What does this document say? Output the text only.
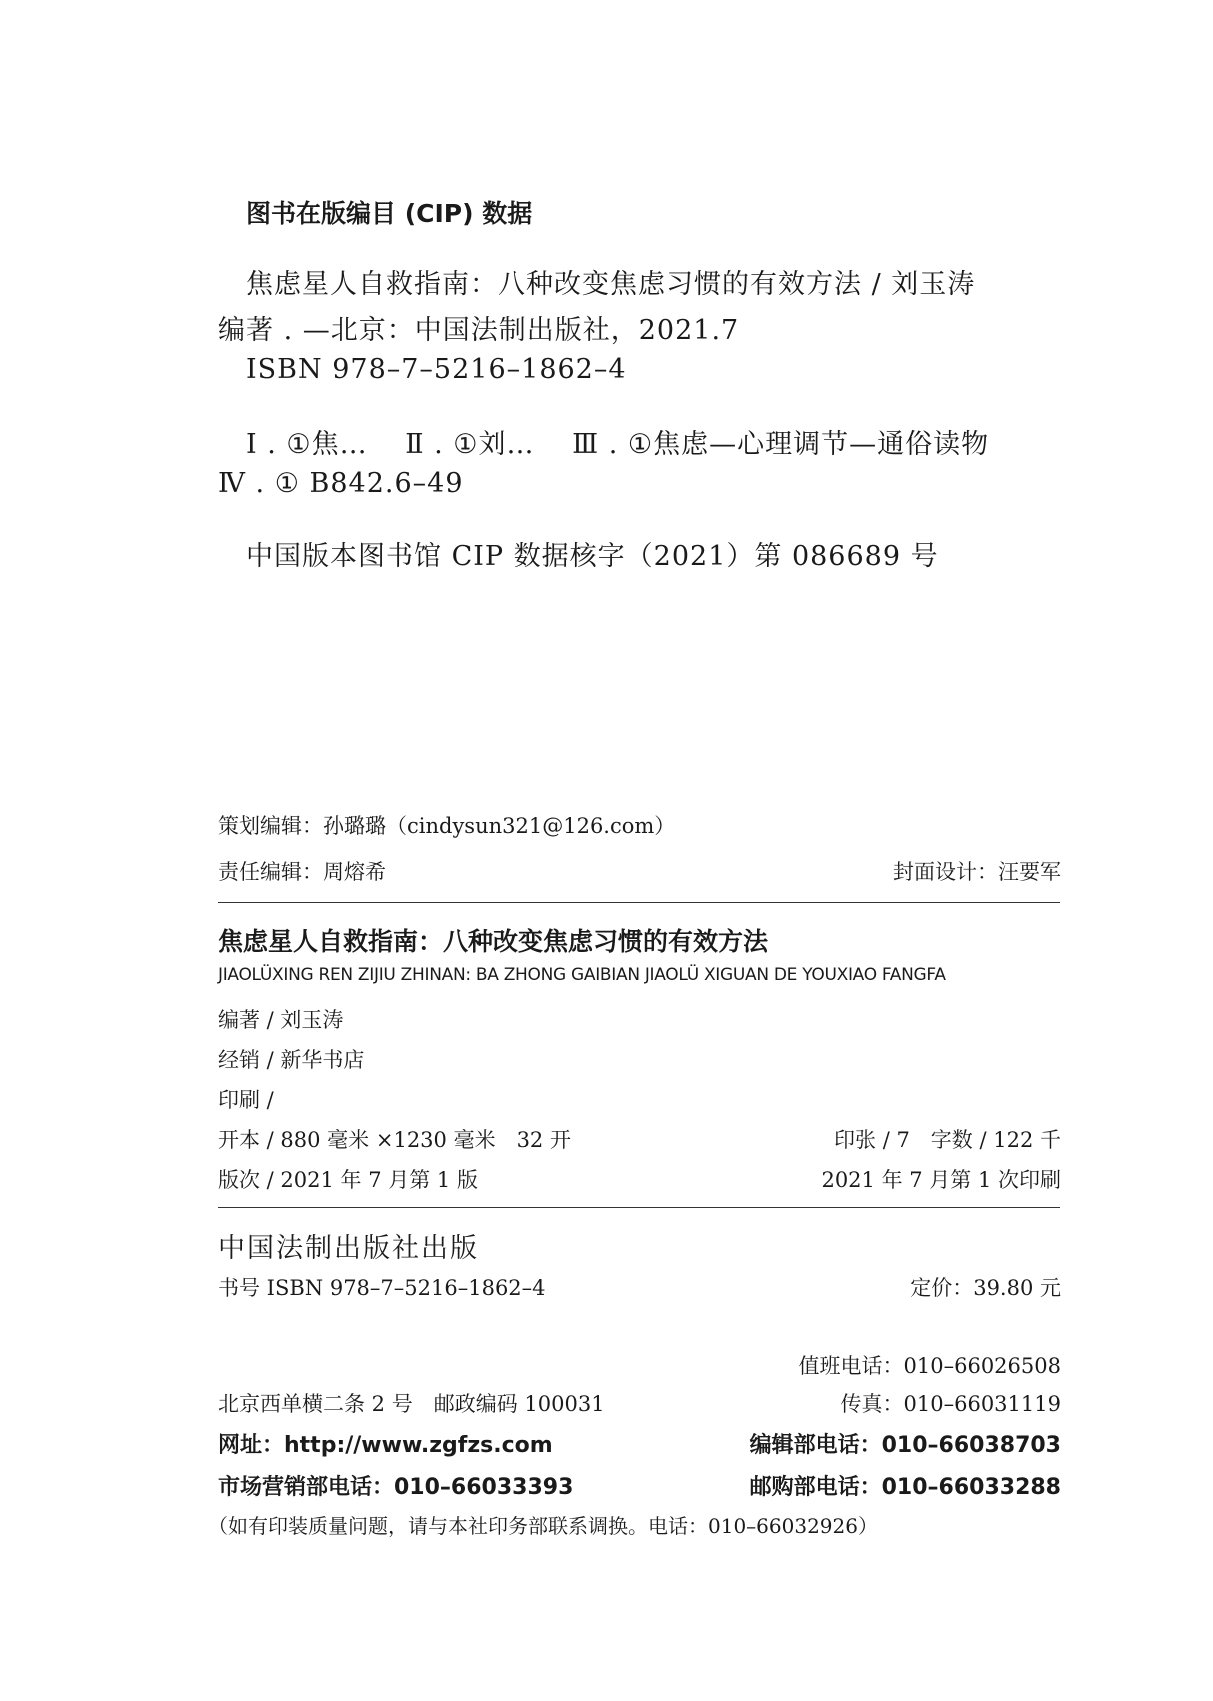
图书在版编目 (CIP) 数据
焦虑星人自救指南：八种改变焦虑习惯的有效方法 / 刘玉涛
编著 . —北京：中国法制出版社，2021.7
ISBN 978–7–5216–1862–4
Ⅰ . ①焦…　 Ⅱ . ①刘…　 Ⅲ . ①焦虑—心理调节—通俗读物
Ⅳ . ① B842.6–49
中国版本图书馆 CIP 数据核字（2021）第 086689 号
策划编辑：孙璐璐（cindysun321@126.com）
责任编辑：周熔希	封面设计：汪要军
焦虑星人自救指南：八种改变焦虑习惯的有效方法
JIAOLÜXING REN ZIJIU ZHINAN: BA ZHONG GAIBIAN JIAOLÜ XIGUAN DE YOUXIAO FANGFA
编著 / 刘玉涛
经销 / 新华书店
印刷 /
开本 / 880 毫米 ×1230 毫米　32 开	印张 / 7　字数 / 122 千
版次 / 2021 年 7 月第 1 版	2021 年 7 月第 1 次印刷
中国法制出版社出版
书号 ISBN 978–7–5216–1862–4	定价：39.80 元
值班电话：010–66026508
北京西单横二条 2 号　邮政编码 100031	传真：010–66031119
网址：http://www.zgfzs.com	编辑部电话：010–66038703
市场营销部电话：010–66033393	邮购部电话：010–66033288
（如有印装质量问题，请与本社印务部联系调换。电话：010–66032926）
